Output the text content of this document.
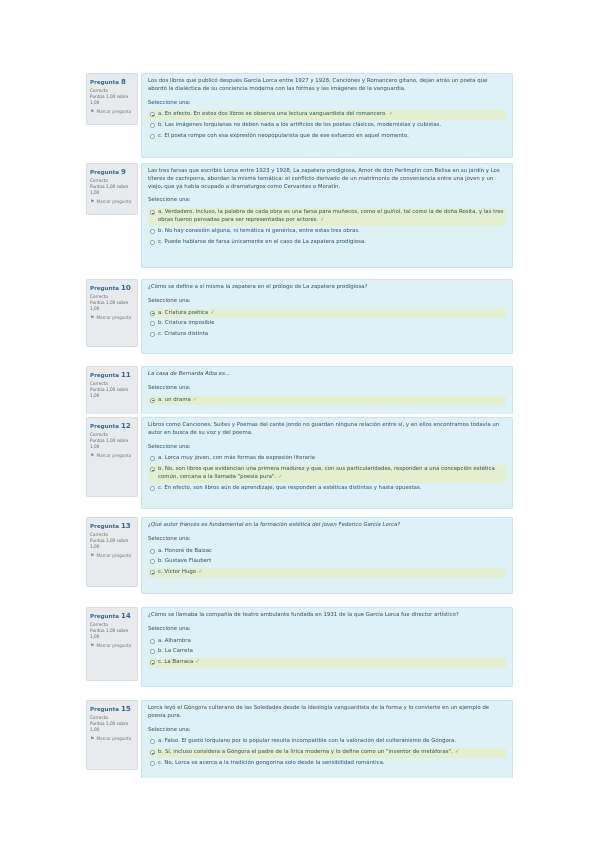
Pregunta 8
Correcta
Puntúa 1,00 sobre 1,00
⚑ Marcar pregunta
Los dos libros que publicó después García Lorca entre 1927 y 1928, Canciones y Romancero gitano, dejan atrás un poeta que abordó la dialéctica de su conciencia moderna con las formas y las imágenes de la vanguardia.
Seleccione una:
a. En efecto. En estos dos libros se observa una lectura vanguardista del romancero. ✓
b. Las imágenes lorquianas no deben nada a los artificios de los poetas clásicos, modernistas y cubistas.
c. El poeta rompe con esa expresión neopopularista que de ese esfuerzo en aquel momento.
Pregunta 9
Correcta
Puntúa 1,00 sobre 1,00
⚑ Marcar pregunta
Las tres farsas que escribió Lorca entre 1923 y 1928, La zapatera prodigiosa, Amor de don Perlimplín con Belisa en su jardín y Los títeres de cachiporra, abordan la misma temática: el conflicto derivado de un matrimonio de conveniencia entre una joven y un viejo, que ya había ocupado a dramaturgos como Cervantes o Moratín.
Seleccione una:
a. Verdadero. Incluso, la palabra de cada obra es una farsa para muñecos, como el guiñol, tal como la de doña Rosita, y las tres obras fueron pensadas para ser representadas por actores. ✓
b. No hay conexión alguna, ni temática ni genérica, entre estas tres obras.
c. Puede hablarse de farsa únicamente en el caso de La zapatera prodigiosa.
Pregunta 10
Correcta
Puntúa 1,00 sobre 1,00
⚑ Marcar pregunta
¿Cómo se define a sí misma la zapatera en el prólogo de La zapatera prodigiosa?
Seleccione una:
a. Criatura poética ✓
b. Criatura imposible
c. Criatura distinta
Pregunta 11
Correcta
Puntúa 1,00 sobre 1,00
La casa de Bernarda Alba es...
Seleccione una:
a. un drama ✓
Pregunta 12
Correcta
Puntúa 1,00 sobre 1,00
⚑ Marcar pregunta
Libros como Canciones, Suites y Poemas del cante jondo no guardan ninguna relación entre sí, y en ellos encontramos todavía un autor en busca de su voz y del poema.
Seleccione una:
a. Lorca muy joven, con más formas de expresión literaria
b. No, son libros que evidencian una primera madurez y que, con sus particularidades, responden a una concepción estética común, cercana a la llamada "poesía pura". ✓
c. En efecto, son libros aún de aprendizaje, que responden a estéticas distintas y hasta opuestas.
Pregunta 13
Correcta
Puntúa 1,00 sobre 1,00
⚑ Marcar pregunta
¿Qué autor francés es fundamental en la formación estética del joven Federico García Lorca?
Seleccione una:
a. Honoré de Balzac
b. Gustave Flaubert
c. Víctor Hugo ✓
Pregunta 14
Correcta
Puntúa 1,00 sobre 1,00
⚑ Marcar pregunta
¿Cómo se llamaba la compañía de teatro ambulante fundada en 1931 de la que García Lorca fue director artístico?
Seleccione una:
a. Alhambra
b. La Carreta
c. La Barraca ✓
Pregunta 15
Correcta
Puntúa 1,00 sobre 1,00
⚑ Marcar pregunta
Lorca leyó el Góngora culterano de las Soledades desde la ideología vanguardista de la forma y lo convierte en un ejemplo de poesía pura.
Seleccione una:
a. Falso. El gusto lorquiano por lo popular resulta incompatible con la valoración del culteranismo de Góngora.
b. Sí, incluso considera a Góngora el padre de la lírica moderna y lo define como un "inventor de metáforas". ✓
c. No, Lorca se acerca a la tradición gongorina solo desde la sensibilidad romántica.
